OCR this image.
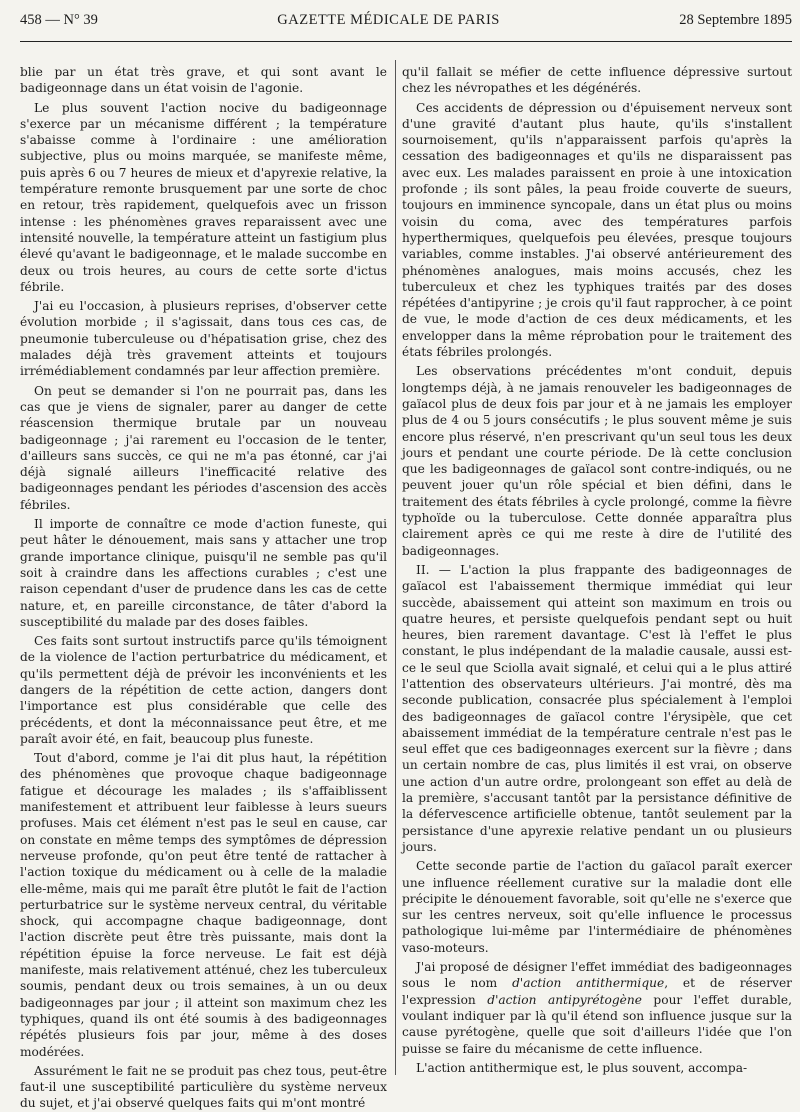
458 — N° 39	GAZETTE MÉDICALE DE PARIS	28 Septembre 1895

blie par un état très grave, et qui sont avant le badigeonnage dans un état voisin de l'agonie.

Le plus souvent l'action nocive du badigeonnage s'exerce par un mécanisme différent ; la température s'abaisse comme à l'ordinaire : une amélioration subjective, plus ou moins marquée, se manifeste même, puis après 6 ou 7 heures de mieux et d'apyrexie relative, la température remonte brusquement par une sorte de choc en retour, très rapidement, quelquefois avec un frisson intense : les phénomènes graves reparaissent avec une intensité nouvelle, la température atteint un fastigium plus élevé qu'avant le badigeonnage, et le malade succombe en deux ou trois heures, au cours de cette sorte d'ictus fébrile.

J'ai eu l'occasion, à plusieurs reprises, d'observer cette évolution morbide ; il s'agissait, dans tous ces cas, de pneumonie tuberculeuse ou d'hépatisation grise, chez des malades déjà très gravement atteints et toujours irrémédiablement condamnés par leur affection première.

On peut se demander si l'on ne pourrait pas, dans les cas que je viens de signaler, parer au danger de cette réascension thermique brutale par un nouveau badigeonnage ; j'ai rarement eu l'occasion de le tenter, d'ailleurs sans succès, ce qui ne m'a pas étonné, car j'ai déjà signalé ailleurs l'inefficacité relative des badigeonnages pendant les périodes d'ascension des accès fébriles.

Il importe de connaître ce mode d'action funeste, qui peut hâter le dénouement, mais sans y attacher une trop grande importance clinique, puisqu'il ne semble pas qu'il soit à craindre dans les affections curables ; c'est une raison cependant d'user de prudence dans les cas de cette nature, et, en pareille circonstance, de tâter d'abord la susceptibilité du malade par des doses faibles.

Ces faits sont surtout instructifs parce qu'ils témoignent de la violence de l'action perturbatrice du médicament, et qu'ils permettent déjà de prévoir les inconvénients et les dangers de la répétition de cette action, dangers dont l'importance est plus considérable que celle des précédents, et dont la méconnaissance peut être, et me paraît avoir été, en fait, beaucoup plus funeste.

Tout d'abord, comme je l'ai dit plus haut, la répétition des phénomènes que provoque chaque badigeonnage fatigue et décourage les malades ; ils s'affaiblissent manifestement et attribuent leur faiblesse à leurs sueurs profuses. Mais cet élément n'est pas le seul en cause, car on constate en même temps des symptômes de dépression nerveuse profonde, qu'on peut être tenté de rattacher à l'action toxique du médicament ou à celle de la maladie elle-même, mais qui me paraît être plutôt le fait de l'action perturbatrice sur le système nerveux central, du véritable shock, qui accompagne chaque badigeonnage, dont l'action discrète peut être très puissante, mais dont la répétition épuise la force nerveuse. Le fait est déjà manifeste, mais relativement atténué, chez les tuberculeux soumis, pendant deux ou trois semaines, à un ou deux badigeonnages par jour ; il atteint son maximum chez les typhiques, quand ils ont été soumis à des badigeonnages répétés plusieurs fois par jour, même à des doses modérées.

Assurément le fait ne se produit pas chez tous, peut-être faut-il une susceptibilité particulière du système nerveux du sujet, et j'ai observé quelques faits qui m'ont montré

qu'il fallait se méfier de cette influence dépressive surtout chez les névropathes et les dégénérés.

Ces accidents de dépression ou d'épuisement nerveux sont d'une gravité d'autant plus haute, qu'ils s'installent sournoisement, qu'ils n'apparaissent parfois qu'après la cessation des badigeonnages et qu'ils ne disparaissent pas avec eux. Les malades paraissent en proie à une intoxication profonde ; ils sont pâles, la peau froide couverte de sueurs, toujours en imminence syncopale, dans un état plus ou moins voisin du coma, avec des températures parfois hyperthermiques, quelquefois peu élevées, presque toujours variables, comme instables. J'ai observé antérieurement des phénomènes analogues, mais moins accusés, chez les tuberculeux et chez les typhiques traités par des doses répétées d'antipyrine ; je crois qu'il faut rapprocher, à ce point de vue, le mode d'action de ces deux médicaments, et les envelopper dans la même réprobation pour le traitement des états fébriles prolongés.

Les observations précédentes m'ont conduit, depuis longtemps déjà, à ne jamais renouveler les badigeonnages de gaïacol plus de deux fois par jour et à ne jamais les employer plus de 4 ou 5 jours consécutifs ; le plus souvent même je suis encore plus réservé, n'en prescrivant qu'un seul tous les deux jours et pendant une courte période. De là cette conclusion que les badigeonnages de gaïacol sont contre-indiqués, ou ne peuvent jouer qu'un rôle spécial et bien défini, dans le traitement des états fébriles à cycle prolongé, comme la fièvre typhoïde ou la tuberculose. Cette donnée apparaîtra plus clairement après ce qui me reste à dire de l'utilité des badigeonnages.

II. — L'action la plus frappante des badigeonnages de gaïacol est l'abaissement thermique immédiat qui leur succède, abaissement qui atteint son maximum en trois ou quatre heures, et persiste quelquefois pendant sept ou huit heures, bien rarement davantage. C'est là l'effet le plus constant, le plus indépendant de la maladie causale, aussi est-ce le seul que Sciolla avait signalé, et celui qui a le plus attiré l'attention des observateurs ultérieurs. J'ai montré, dès ma seconde publication, consacrée plus spécialement à l'emploi des badigeonnages de gaïacol contre l'érysipèle, que cet abaissement immédiat de la température centrale n'est pas le seul effet que ces badigeonnages exercent sur la fièvre ; dans un certain nombre de cas, plus limités il est vrai, on observe une action d'un autre ordre, prolongeant son effet au delà de la première, s'accusant tantôt par la persistance définitive de la défervescence artificielle obtenue, tantôt seulement par la persistance d'une apyrexie relative pendant un ou plusieurs jours.

Cette seconde partie de l'action du gaïacol paraît exercer une influence réellement curative sur la maladie dont elle précipite le dénouement favorable, soit qu'elle ne s'exerce que sur les centres nerveux, soit qu'elle influence le processus pathologique lui-même par l'intermédiaire de phénomènes vaso-moteurs.

J'ai proposé de désigner l'effet immédiat des badigeonnages sous le nom d'action antithermique, et de réserver l'expression d'action antipyrétogène pour l'effet durable, voulant indiquer par là qu'il étend son influence jusque sur la cause pyrétogène, quelle que soit d'ailleurs l'idée que l'on puisse se faire du mécanisme de cette influence.

L'action antithermique est, le plus souvent, accompa-
